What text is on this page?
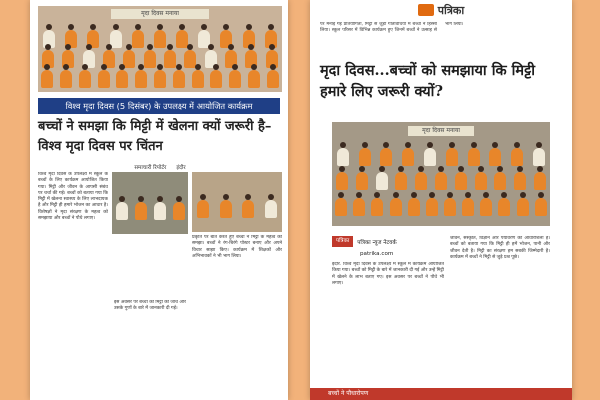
मृदा दिवस मनाया
विश्व मृदा दिवस (5 दिसंबर) के उपलक्ष्य में आयोजित कार्यक्रम
बच्चों ने समझा कि मिट्टी में खेलना क्यों जरूरी है–विश्व मृदा दिवस पर चिंतन
समाचारी रिपोर्टर इंदौर
विश्व मृदा दिवस के उपलक्ष्य में स्कूल के बच्चों के लिए कार्यक्रम आयोजित किया गया। मिट्टी और जीवन के आपसी संबंध पर चर्चा की गई। बच्चों को बताया गया कि मिट्टी में खेलना स्वास्थ्य के लिए लाभदायक है और मिट्टी ही हमारे भोजन का आधार है। विशेषज्ञों ने मृदा संरक्षण के महत्व को समझाया और बच्चों ने पौधे लगाए।
प्रकृति पर बात करते हुए बच्चों ने मिट्टी के महत्व को समझा। बच्चों ने रंग-बिरंगे पोस्टर बनाए और अपने विचार साझा किए। कार्यक्रम में शिक्षकों और अभिभावकों ने भी भाग लिया।
इस अवसर पर बच्चों को मिट्टी की जांच और उसके गुणों के बारे में जानकारी दी गई।
पत्रिका
पर मनाई गई प्रतियोगिता, मिट्टी से जुड़ी गतिविधियों में बच्चों ने हिस्सा लिया। स्कूल परिसर में विभिन्न कार्यक्रम हुए जिनमें बच्चों ने उत्साह से भाग लिया।
मृदा दिवस...बच्चों को समझाया कि मिट्टी हमारे लिए जरूरी क्यों?
मृदा दिवस मनाया
पत्रिका	पत्रिका न्यूज नेटवर्क
patrika.com
इंदौर. विश्व मृदा दिवस के उपलक्ष्य में स्कूल में कार्यक्रम आयोजित किया गया। बच्चों को मिट्टी के बारे में जानकारी दी गई और उन्हें मिट्टी में खेलने के लाभ बताए गए। इस अवसर पर बच्चों ने पौधे भी लगाए।
जीवन, संस्कृति, विज्ञान और पर्यावरण की आधारशिला है। बच्चों को बताया गया कि मिट्टी ही हमें भोजन, पानी और जीवन देती है। मिट्टी का संरक्षण हम सबकी जिम्मेदारी है। कार्यक्रम में बच्चों ने मिट्टी से जुड़े प्रश्न पूछे।
बच्चों ने पौधारोपण
